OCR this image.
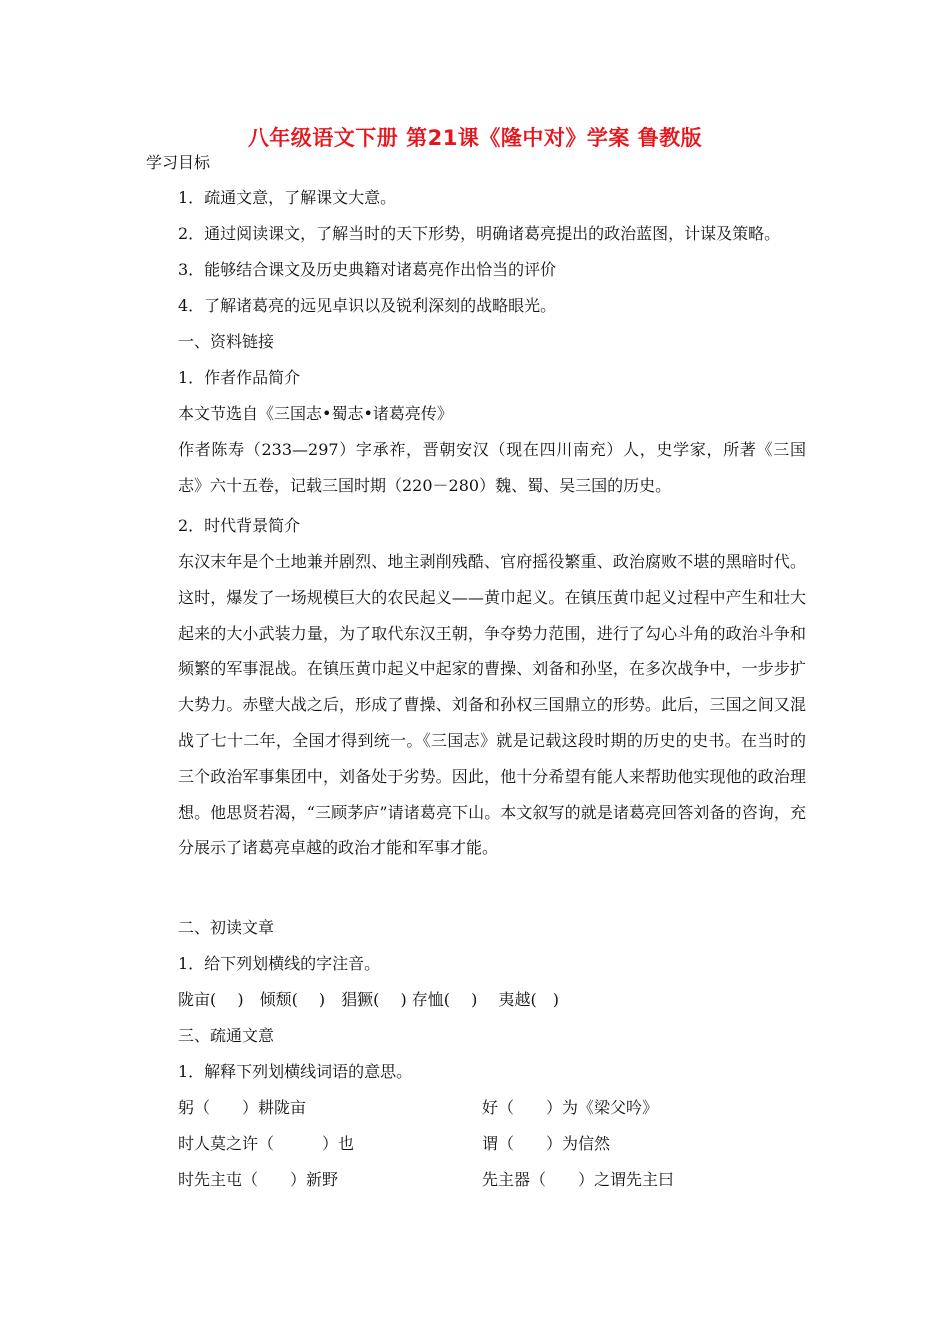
八年级语文下册 第21课《隆中对》学案 鲁教版
学习目标
1．疏通文意，了解课文大意。
2．通过阅读课文，了解当时的天下形势，明确诸葛亮提出的政治蓝图，计谋及策略。
3．能够结合课文及历史典籍对诸葛亮作出恰当的评价
4．了解诸葛亮的远见卓识以及锐利深刻的战略眼光。
一、资料链接
1．作者作品简介
本文节选自《三国志•蜀志•诸葛亮传》
作者陈寿（233—297）字承祚，晋朝安汉（现在四川南充）人，史学家，所著《三国志》六十五卷，记载三国时期（220－280）魏、蜀、吴三国的历史。
2．时代背景简介
东汉末年是个土地兼并剧烈、地主剥削残酷、官府摇役繁重、政治腐败不堪的黑暗时代。这时，爆发了一场规模巨大的农民起义——黄巾起义。在镇压黄巾起义过程中产生和壮大起来的大小武装力量，为了取代东汉王朝，争夺势力范围，进行了勾心斗角的政治斗争和频繁的军事混战。在镇压黄巾起义中起家的曹操、刘备和孙坚，在多次战争中，一步步扩大势力。赤壁大战之后，形成了曹操、刘备和孙权三国鼎立的形势。此后，三国之间又混战了七十二年，全国才得到统一。《三国志》就是记载这段时期的历史的史书。在当时的三个政治军事集团中，刘备处于劣势。因此，他十分希望有能人来帮助他实现他的政治理想。他思贤若渴，“三顾茅庐”请诸葛亮下山。本文叙写的就是诸葛亮回答刘备的咨询，充分展示了诸葛亮卓越的政治才能和军事才能。
二、初读文章
1．给下列划横线的字注音。
陇亩(　 )　倾颓(　 )　猖獗(　 ) 存恤(　 )　 夷越(　)
三、疏通文意
1．解释下列划横线词语的意思。
躬（　　）耕陇亩	好（　　）为《梁父吟》
时人莫之许（　　　）也	谓（　　）为信然
时先主屯（　　）新野	先主器（　　）之谓先主曰
